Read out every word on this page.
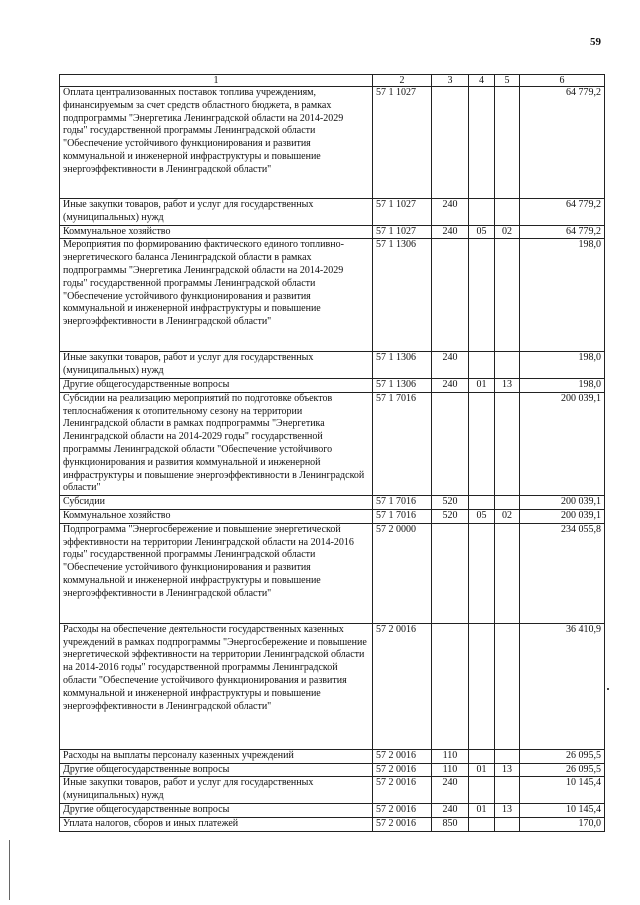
59
1	2	3	4	5	6
Оплата централизованных поставок топлива учреждениям, финансируемым за счет средств областного бюджета, в рамках подпрограммы "Энергетика Ленинградской области на 2014-2029 годы" государственной программы Ленинградской области "Обеспечение устойчивого функционирования и развития коммунальной и инженерной инфраструктуры и повышение энергоэффективности в Ленинградской области"	57 1 1027				64 779,2
Иные закупки товаров, работ и услуг для государственных (муниципальных) нужд	57 1 1027	240			64 779,2
Коммунальное хозяйство	57 1 1027	240	05	02	64 779,2
Мероприятия по формированию фактического единого топливно-энергетического баланса Ленинградской области в рамках подпрограммы "Энергетика Ленинградской области на 2014-2029 годы" государственной программы Ленинградской области "Обеспечение устойчивого функционирования и развития коммунальной и инженерной инфраструктуры и повышение энергоэффективности в Ленинградской области"	57 1 1306				198,0
Иные закупки товаров, работ и услуг для государственных (муниципальных) нужд	57 1 1306	240			198,0
Другие общегосударственные вопросы	57 1 1306	240	01	13	198,0
Субсидии на реализацию мероприятий по подготовке объектов теплоснабжения к отопительному сезону на территории Ленинградской области в рамках подпрограммы "Энергетика Ленинградской области на 2014-2029 годы" государственной программы Ленинградской области "Обеспечение устойчивого функционирования и развития коммунальной и инженерной инфраструктуры и повышение энергоэффективности в Ленинградской области"	57 1 7016				200 039,1
Субсидии	57 1 7016	520			200 039,1
Коммунальное хозяйство	57 1 7016	520	05	02	200 039,1
Подпрограмма "Энергосбережение и повышение энергетической эффективности на территории Ленинградской области на 2014-2016 годы" государственной программы Ленинградской области "Обеспечение устойчивого функционирования и развития коммунальной и инженерной инфраструктуры и повышение энергоэффективности в Ленинградской области"	57 2 0000				234 055,8
Расходы на обеспечение деятельности государственных казенных учреждений в рамках подпрограммы "Энергосбережение и повышение энергетической эффективности на территории Ленинградской области на 2014-2016 годы" государственной программы Ленинградской области "Обеспечение устойчивого функционирования и развития коммунальной и инженерной инфраструктуры и повышение энергоэффективности в Ленинградской области"	57 2 0016				36 410,9
Расходы на выплаты персоналу казенных учреждений	57 2 0016	110			26 095,5
Другие общегосударственные вопросы	57 2 0016	110	01	13	26 095,5
Иные закупки товаров, работ и услуг для государственных (муниципальных) нужд	57 2 0016	240			10 145,4
Другие общегосударственные вопросы	57 2 0016	240	01	13	10 145,4
Уплата налогов, сборов и иных платежей	57 2 0016	850			170,0
